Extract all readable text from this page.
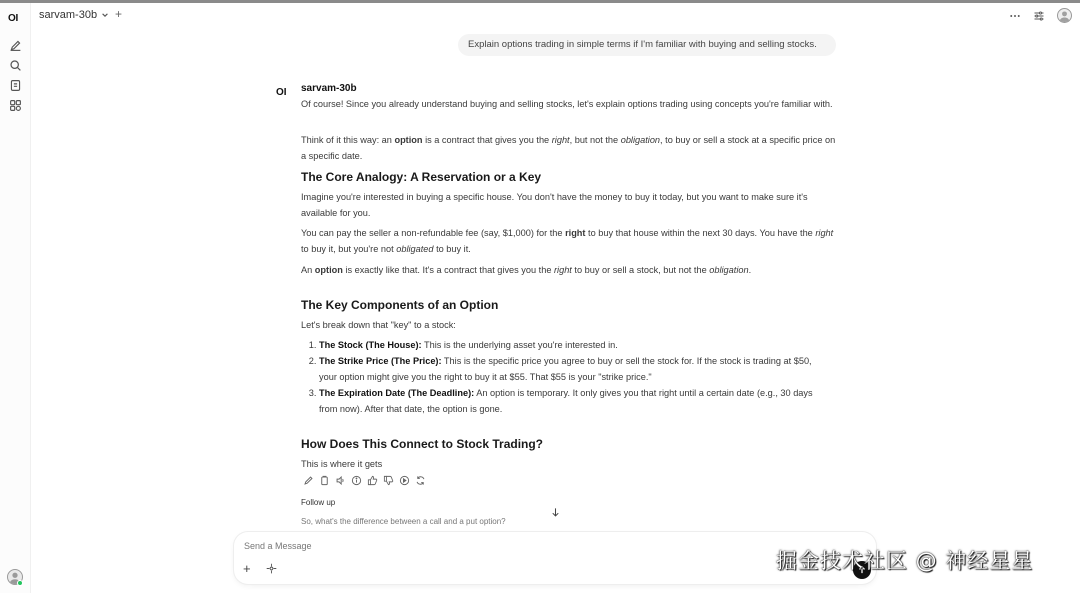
OI sarvam-30b +
Explain options trading in simple terms if I'm familiar with buying and selling stocks.
OI sarvam-30b
Of course! Since you already understand buying and selling stocks, let's explain options trading using concepts you're familiar with.
Think of it this way: an option is a contract that gives you the right, but not the obligation, to buy or sell a stock at a specific price on a specific date.
The Core Analogy: A Reservation or a Key
Imagine you're interested in buying a specific house. You don't have the money to buy it today, but you want to make sure it's available for you.
You can pay the seller a non-refundable fee (say, $1,000) for the right to buy that house within the next 30 days. You have the right to buy it, but you're not obligated to buy it.
An option is exactly like that. It's a contract that gives you the right to buy or sell a stock, but not the obligation.
The Key Components of an Option
Let's break down that "key" to a stock:
1. The Stock (The House): This is the underlying asset you're interested in.
2. The Strike Price (The Price): This is the specific price you agree to buy or sell the stock for. If the stock is trading at $50, your option might give you the right to buy it at $55. That $55 is your "strike price."
3. The Expiration Date (The Deadline): An option is temporary. It only gives you that right until a certain date (e.g., 30 days from now). After that date, the option is gone.
How Does This Connect to Stock Trading?
This is where it gets
Follow up
So, what's the difference between a call and a put option?
Send a Message
+	掘金技术社区 @ 神经星星
